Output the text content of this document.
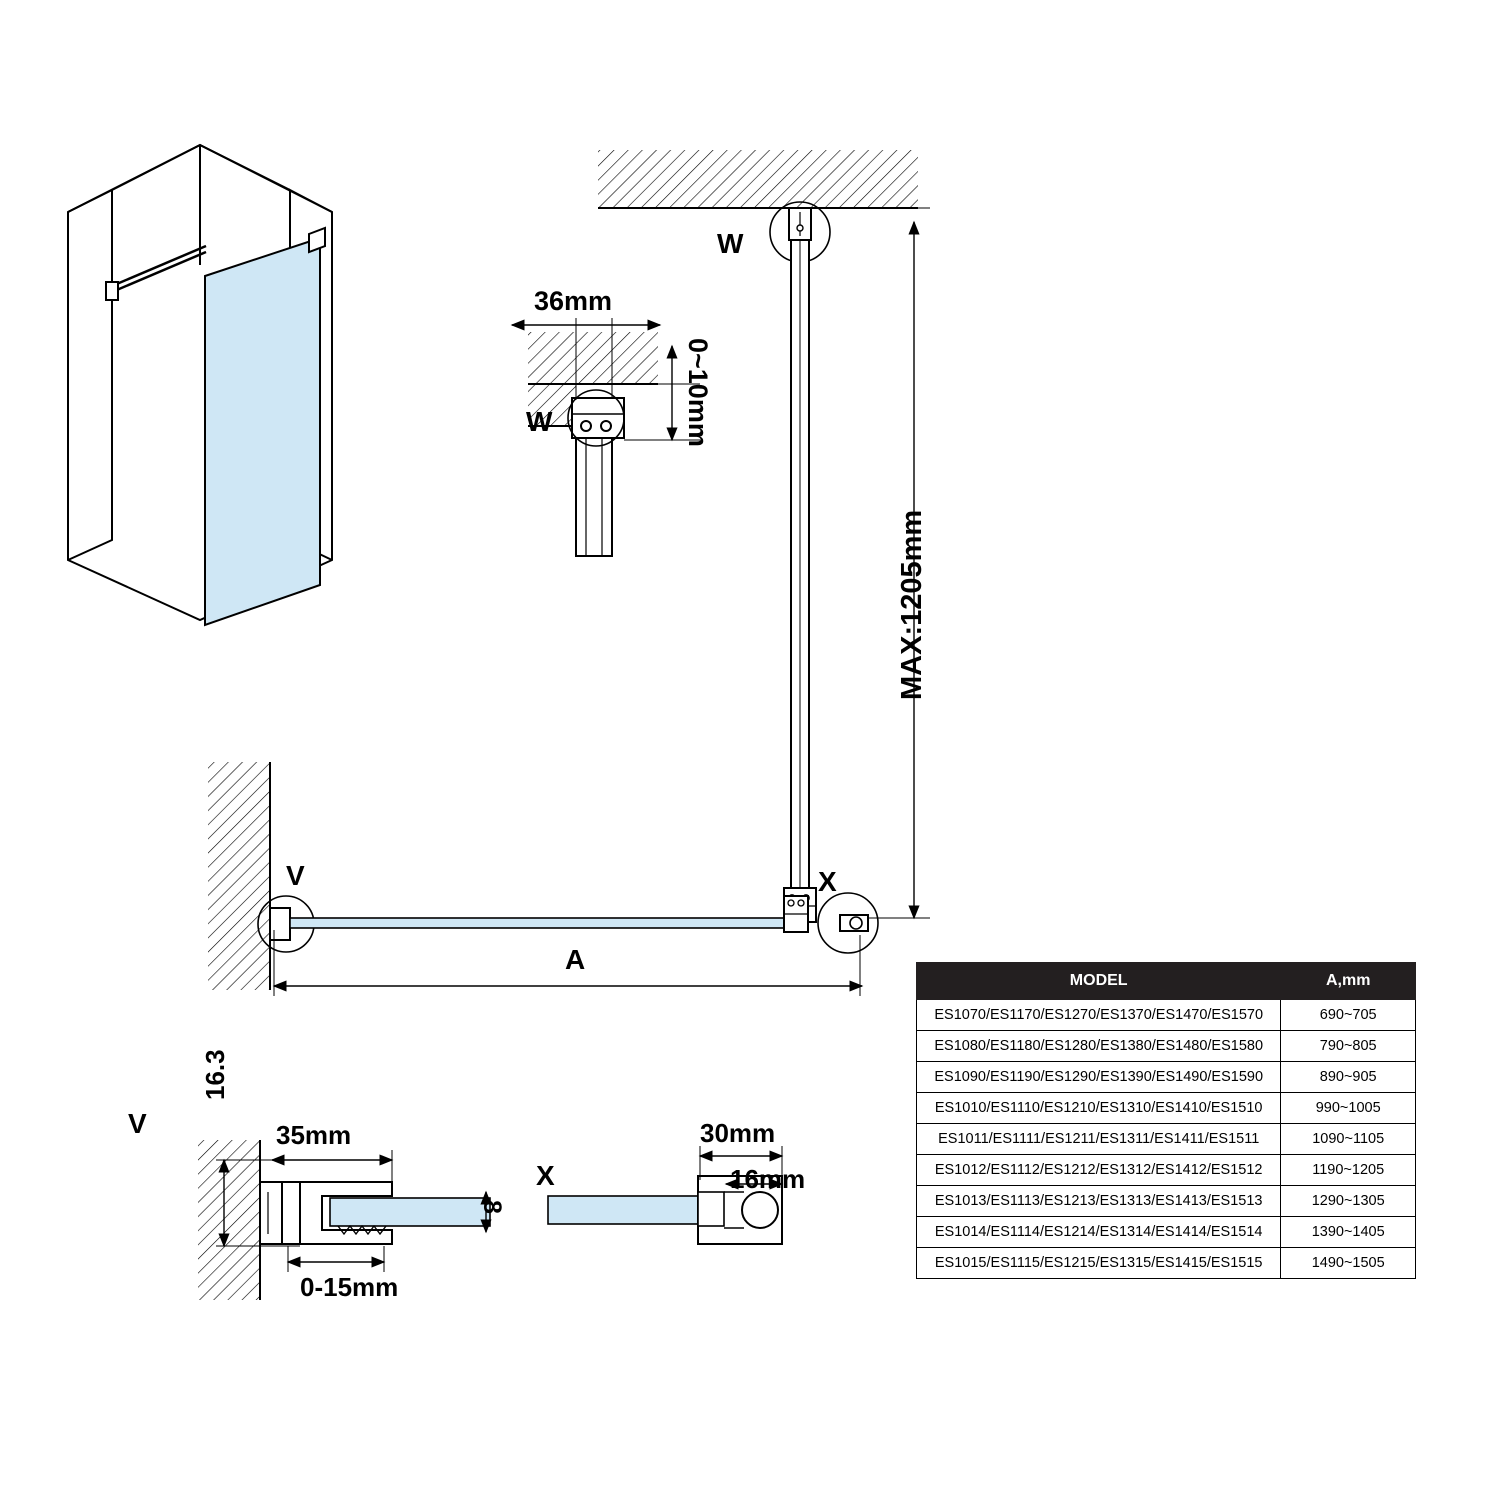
36mm
0~10mm
W
W
MAX:1205mm
V	X
A
V
16.3
35mm
0-15mm
8
X
30mm
16mm
MODEL	A,mm
ES1070/ES1170/ES1270/ES1370/ES1470/ES1570	690~705
ES1080/ES1180/ES1280/ES1380/ES1480/ES1580	790~805
ES1090/ES1190/ES1290/ES1390/ES1490/ES1590	890~905
ES1010/ES1110/ES1210/ES1310/ES1410/ES1510	990~1005
ES1011/ES1111/ES1211/ES1311/ES1411/ES1511	1090~1105
ES1012/ES1112/ES1212/ES1312/ES1412/ES1512	1190~1205
ES1013/ES1113/ES1213/ES1313/ES1413/ES1513	1290~1305
ES1014/ES1114/ES1214/ES1314/ES1414/ES1514	1390~1405
ES1015/ES1115/ES1215/ES1315/ES1415/ES1515	1490~1505
